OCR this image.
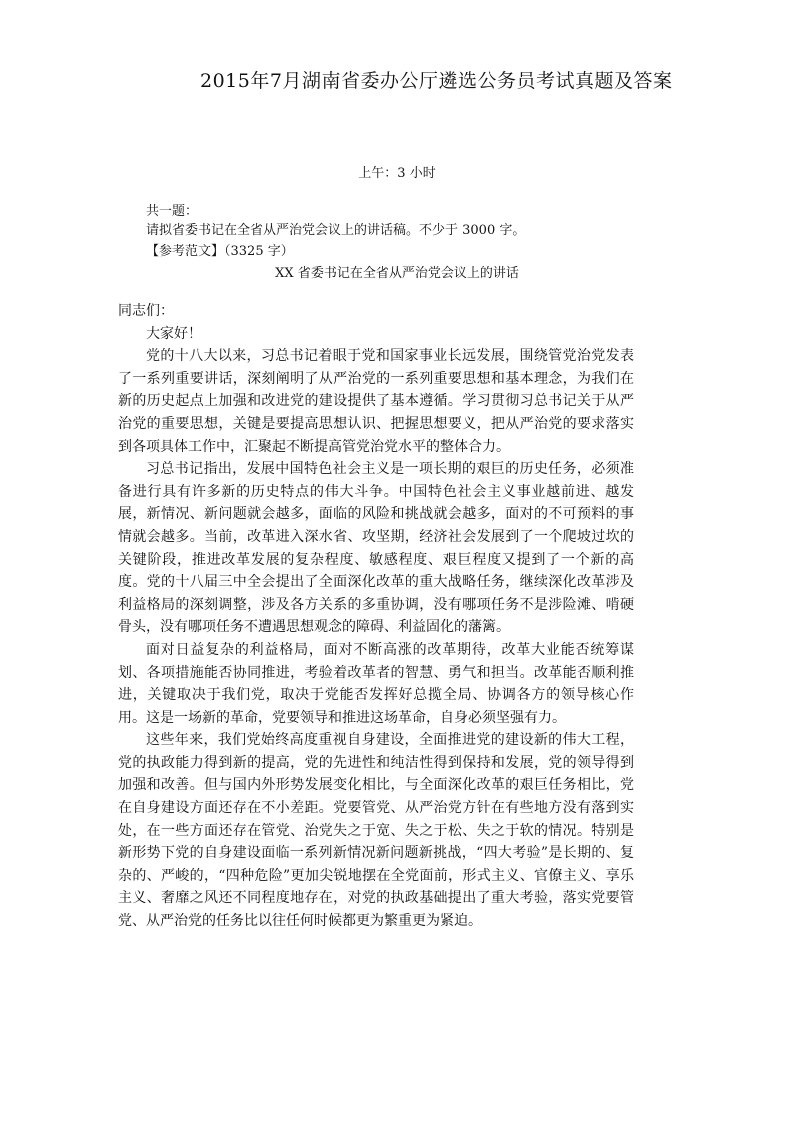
2015年7月湖南省委办公厅遴选公务员考试真题及答案
上午：3 小时
共一题：
请拟省委书记在全省从严治党会议上的讲话稿。不少于 3000 字。
【参考范文】（3325 字）
XX 省委书记在全省从严治党会议上的讲话

同志们：

大家好！

党的十八大以来，习总书记着眼于党和国家事业长远发展，围绕管党治党发表了一系列重要讲话，深刻阐明了从严治党的一系列重要思想和基本理念，为我们在新的历史起点上加强和改进党的建设提供了基本遵循。学习贯彻习总书记关于从严治党的重要思想，关键是要提高思想认识、把握思想要义，把从严治党的要求落实到各项具体工作中，汇聚起不断提高管党治党水平的整体合力。

习总书记指出，发展中国特色社会主义是一项长期的艰巨的历史任务，必须准备进行具有许多新的历史特点的伟大斗争。中国特色社会主义事业越前进、越发展，新情况、新问题就会越多，面临的风险和挑战就会越多，面对的不可预料的事情就会越多。当前，改革进入深水省、攻坚期，经济社会发展到了一个爬坡过坎的关键阶段，推进改革发展的复杂程度、敏感程度、艰巨程度又提到了一个新的高度。党的十八届三中全会提出了全面深化改革的重大战略任务，继续深化改革涉及利益格局的深刻调整，涉及各方关系的多重协调，没有哪项任务不是涉险滩、啃硬骨头，没有哪项任务不遭遇思想观念的障碍、利益固化的藩篱。

面对日益复杂的利益格局，面对不断高涨的改革期待，改革大业能否统筹谋划、各项措施能否协同推进，考验着改革者的智慧、勇气和担当。改革能否顺利推进，关键取决于我们党，取决于党能否发挥好总揽全局、协调各方的领导核心作用。这是一场新的革命，党要领导和推进这场革命，自身必须坚强有力。

这些年来，我们党始终高度重视自身建设，全面推进党的建设新的伟大工程，党的执政能力得到新的提高，党的先进性和纯洁性得到保持和发展，党的领导得到加强和改善。但与国内外形势发展变化相比，与全面深化改革的艰巨任务相比，党在自身建设方面还存在不小差距。党要管党、从严治党方针在有些地方没有落到实处，在一些方面还存在管党、治党失之于宽、失之于松、失之于软的情况。特别是新形势下党的自身建设面临一系列新情况新问题新挑战，“四大考验”是长期的、复杂的、严峻的，“四种危险”更加尖锐地摆在全党面前，形式主义、官僚主义、享乐主义、奢靡之风还不同程度地存在，对党的执政基础提出了重大考验，落实党要管党、从严治党的任务比以往任何时候都更为繁重更为紧迫。
